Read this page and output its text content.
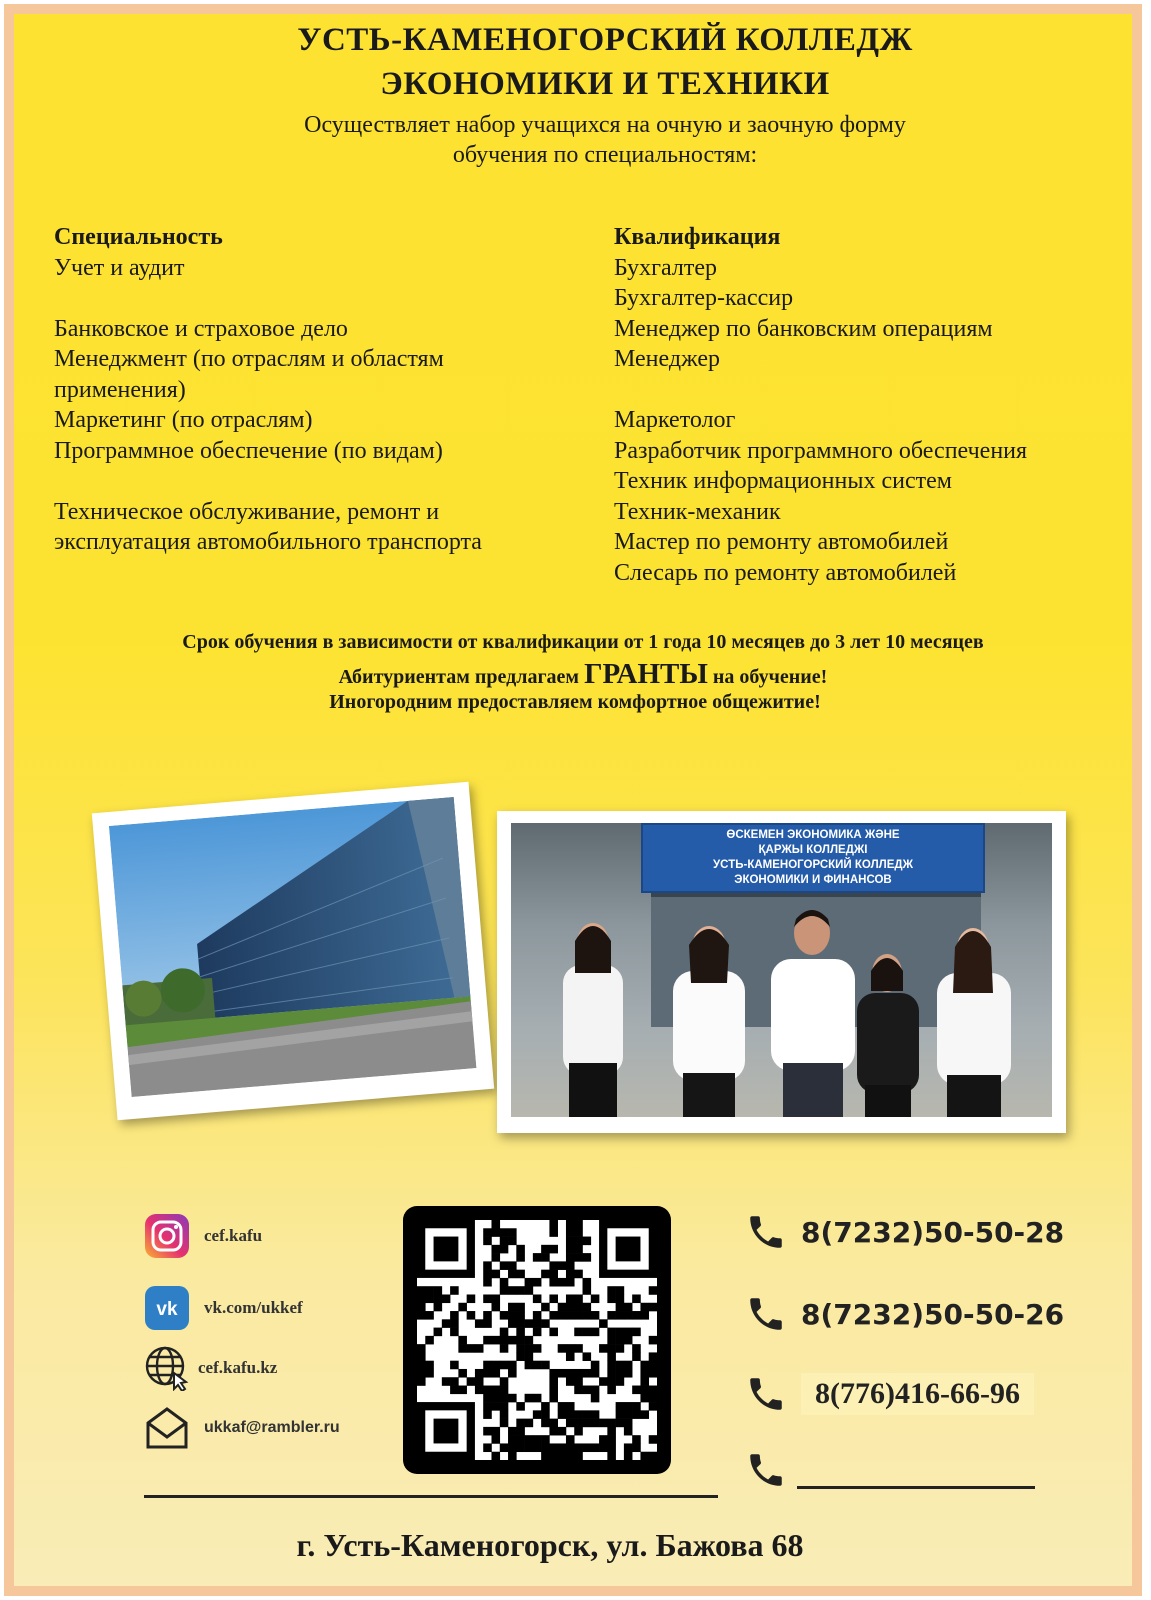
УСТЬ-КАМЕНОГОРСКИЙ КОЛЛЕДЖ
ЭКОНОМИКИ И ТЕХНИКИ
Осуществляет набор учащихся на очную и заочную форму
обучения по специальностям:
Специальность
Учет и аудит
Банковское и страховое дело
Менеджмент (по отраслям и областям
применения)
Маркетинг (по отраслям)
Программное обеспечение (по видам)
Техническое обслуживание, ремонт и
эксплуатация автомобильного транспорта
Квалификация
Бухгалтер
Бухгалтер-кассир
Менеджер по банковским операциям
Менеджер
Маркетолог
Разработчик программного обеспечения
Техник информационных систем
Техник-механик
Мастер по ремонту автомобилей
Слесарь по ремонту автомобилей
Срок обучения в зависимости от квалификации от 1 года 10 месяцев до 3 лет 10 месяцев
Абитуриентам предлагаем ГРАНТЫ на обучение!
Иногородним предоставляем комфортное общежитие!
ӨСКЕМЕН ЭКОНОМИКА ЖӘНЕ
ҚАРЖЫ КОЛЛЕДЖІ
УСТЬ-КАМЕНОГОРСКИЙ КОЛЛЕДЖ
ЭКОНОМИКИ И ФИНАНСОВ
cef.kafu
vk vk.com/ukkef
cef.kafu.kz
ukkaf@rambler.ru
8(7232)50-50-28
8(7232)50-50-26
8(776)416-66-96
г. Усть-Каменогорск, ул. Бажова 68
